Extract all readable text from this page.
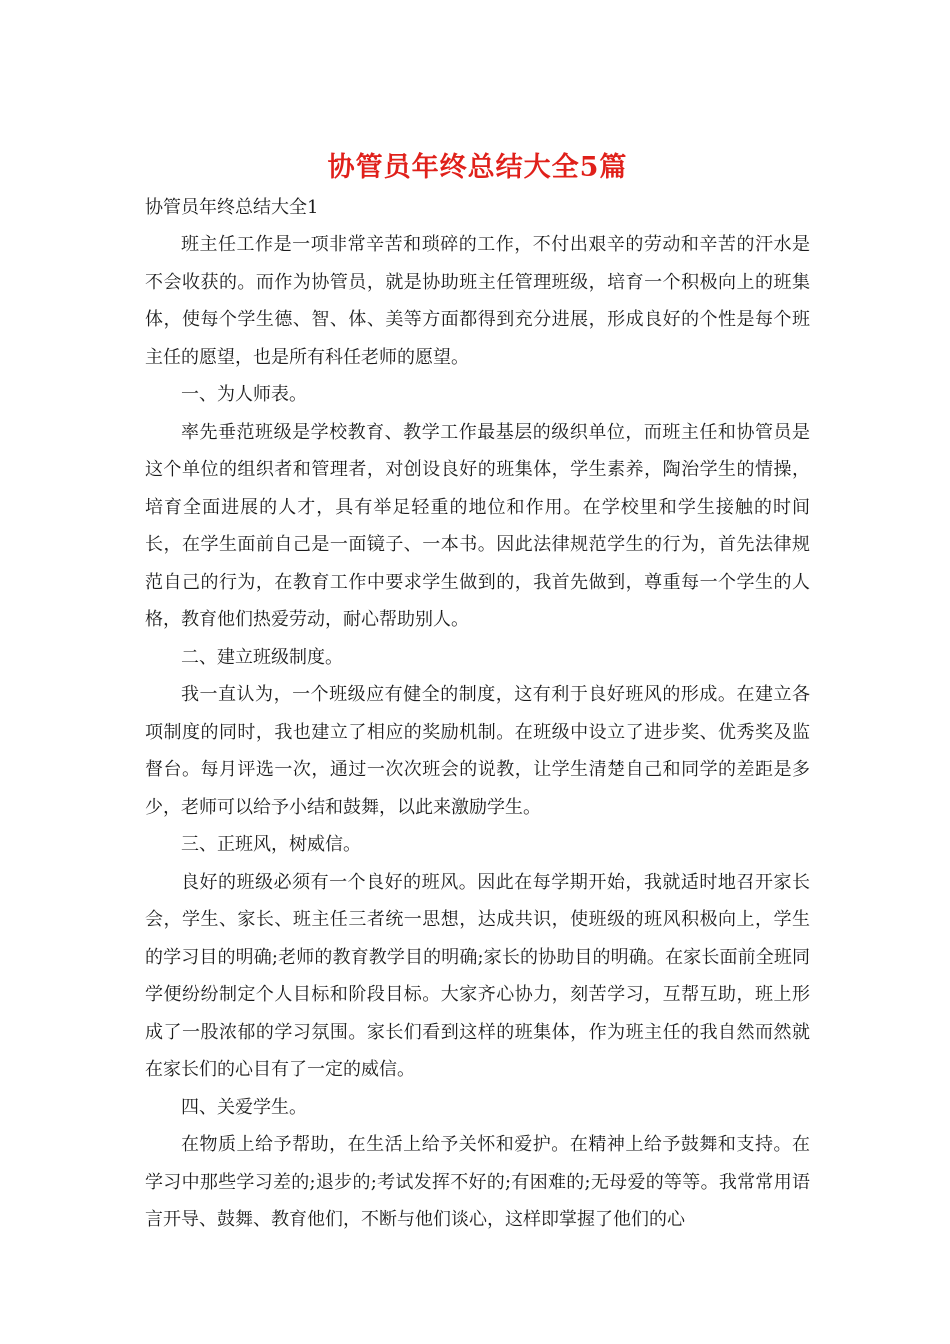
协管员年终总结大全5篇

协管员年终总结大全1

班主任工作是一项非常辛苦和琐碎的工作，不付出艰辛的劳动和辛苦的汗水是不会收获的。而作为协管员，就是协助班主任管理班级，培育一个积极向上的班集体，使每个学生德、智、体、美等方面都得到充分进展，形成良好的个性是每个班主任的愿望，也是所有科任老师的愿望。

一、为人师表。

率先垂范班级是学校教育、教学工作最基层的级织单位，而班主任和协管员是这个单位的组织者和管理者，对创设良好的班集体，学生素养，陶治学生的情操，培育全面进展的人才，具有举足轻重的地位和作用。在学校里和学生接触的时间长，在学生面前自己是一面镜子、一本书。因此法律规范学生的行为，首先法律规范自己的行为，在教育工作中要求学生做到的，我首先做到，尊重每一个学生的人格，教育他们热爱劳动，耐心帮助别人。

二、建立班级制度。

我一直认为，一个班级应有健全的制度，这有利于良好班风的形成。在建立各项制度的同时，我也建立了相应的奖励机制。在班级中设立了进步奖、优秀奖及监督台。每月评选一次，通过一次次班会的说教，让学生清楚自己和同学的差距是多少，老师可以给予小结和鼓舞，以此来激励学生。

三、正班风，树威信。

良好的班级必须有一个良好的班风。因此在每学期开始，我就适时地召开家长会，学生、家长、班主任三者统一思想，达成共识，使班级的班风积极向上，学生的学习目的明确;老师的教育教学目的明确;家长的协助目的明确。在家长面前全班同学便纷纷制定个人目标和阶段目标。大家齐心协力，刻苦学习，互帮互助，班上形成了一股浓郁的学习氛围。家长们看到这样的班集体，作为班主任的我自然而然就在家长们的心目有了一定的威信。

四、关爱学生。

在物质上给予帮助，在生活上给予关怀和爱护。在精神上给予鼓舞和支持。在学习中那些学习差的;退步的;考试发挥不好的;有困难的;无母爱的等等。我常常用语言开导、鼓舞、教育他们，不断与他们谈心，这样即掌握了他们的心
